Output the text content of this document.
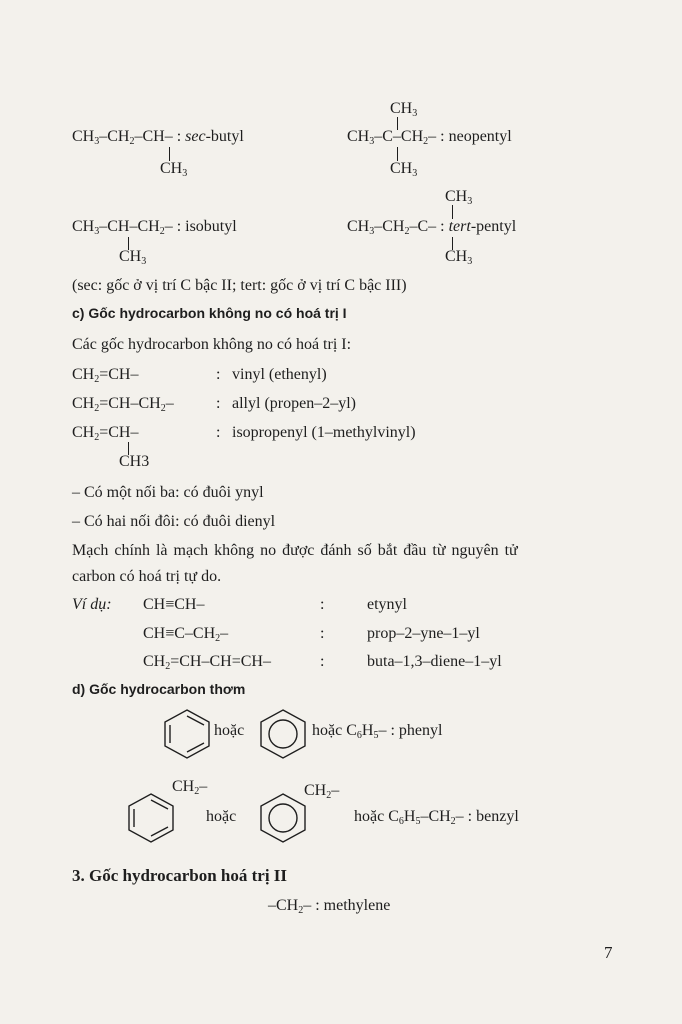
$CH_3-CH_2-CH-$ : sec-butyl
$CH_3$
$CH_3$
$CH_3-C-CH_2-$ : neopentyl
$CH_3$
$CH_3-CH-CH_2-$ : isobutyl
$CH_3$
$CH_3$
$CH_3-CH_2-C-$ : tert-pentyl
$CH_3$
(sec: gốc ở vị trí C bậc II; tert: gốc ở vị trí C bậc III)
c) Gốc hydrocarbon không no có hoá trị I
Các gốc hydrocarbon không no có hoá trị I:
$CH_2=CH-$	: vinyl (ethenyl)
$CH_2=CH-CH_2-$	: allyl (propen–2–yl)
$CH_2=CH-$	: isopropenyl (1–methylvinyl)
CH3
– Có một nối ba: có đuôi ynyl
– Có hai nối đôi: có đuôi dienyl
Mạch chính là mạch không no được đánh số bắt đầu từ nguyên tử
carbon có hoá trị tự do.
Ví dụ: CH≡CH–	:	etynyl
$CH\equiv C-CH_2-$	:	prop–2–yne–1–yl
$CH_2=CH-CH=CH-$	:	buta–1,3–diene–1–yl
d) Gốc hydrocarbon thơm
hoặc	hoặc $C_6H_5-$ : phenyl
$CH_2-$
hoặc
$CH_2-$
hoặc $C_6H_5-CH_2-$ : benzyl
3. Gốc hydrocarbon hoá trị II
$-CH_2-$ : methylene
7
